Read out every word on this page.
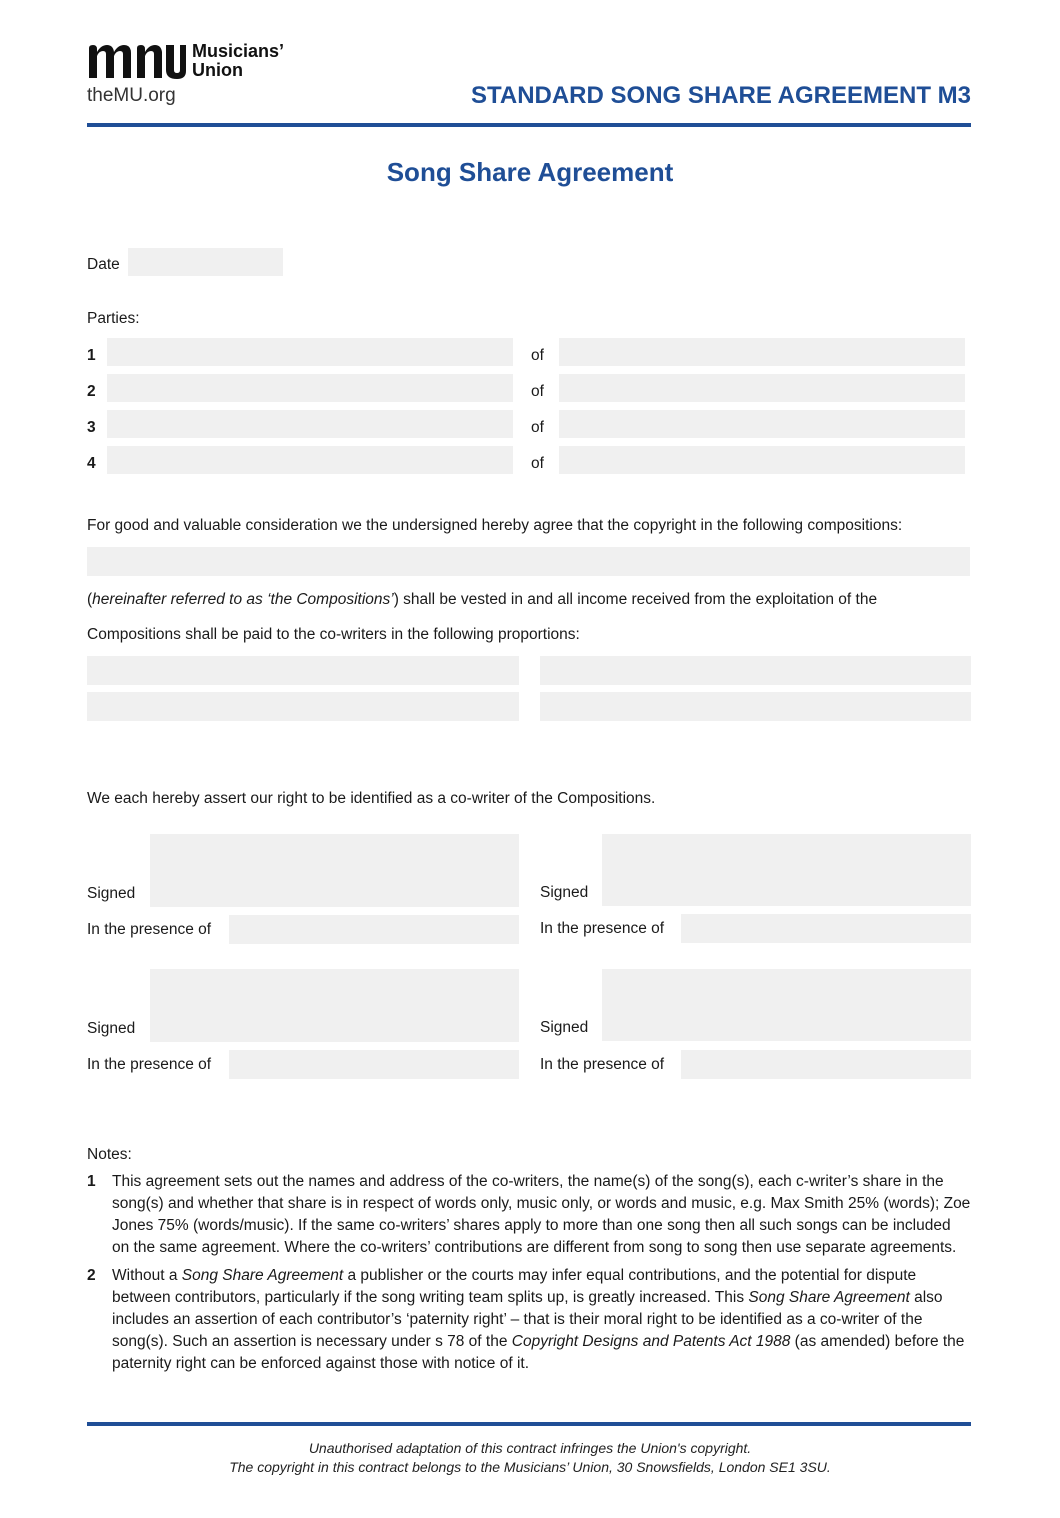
Musicians’
Union
theMU.org	STANDARD SONG SHARE AGREEMENT M3
Song Share Agreement
Date
Parties:
1	of
2	of
3	of
4	of
For good and valuable consideration we the undersigned hereby agree that the copyright in the following compositions:
(hereinafter referred to as ‘the Compositions’) shall be vested in and all income received from the exploitation of the
Compositions shall be paid to the co-writers in the following proportions:
We each hereby assert our right to be identified as a co-writer of the Compositions.
Signed
In the presence of
Signed
In the presence of
Signed
In the presence of
Signed
In the presence of
Notes:
1	This agreement sets out the names and address of the co-writers, the name(s) of the song(s), each c-writer’s share in the song(s) and whether that share is in respect of words only, music only, or words and music, e.g. Max Smith 25% (words); Zoe Jones 75% (words/music). If the same co-writers’ shares apply to more than one song then all such songs can be included on the same agreement. Where the co-writers’ contributions are different from song to song then use separate agreements.
2	Without a Song Share Agreement a publisher or the courts may infer equal contributions, and the potential for dispute between contributors, particularly if the song writing team splits up, is greatly increased. This Song Share Agreement also includes an assertion of each contributor’s ‘paternity right’ – that is their moral right to be identified as a co-writer of the song(s). Such an assertion is necessary under s 78 of the Copyright Designs and Patents Act 1988 (as amended) before the paternity right can be enforced against those with notice of it.
Unauthorised adaptation of this contract infringes the Union's copyright.
The copyright in this contract belongs to the Musicians’ Union, 30 Snowsfields, London SE1 3SU.
